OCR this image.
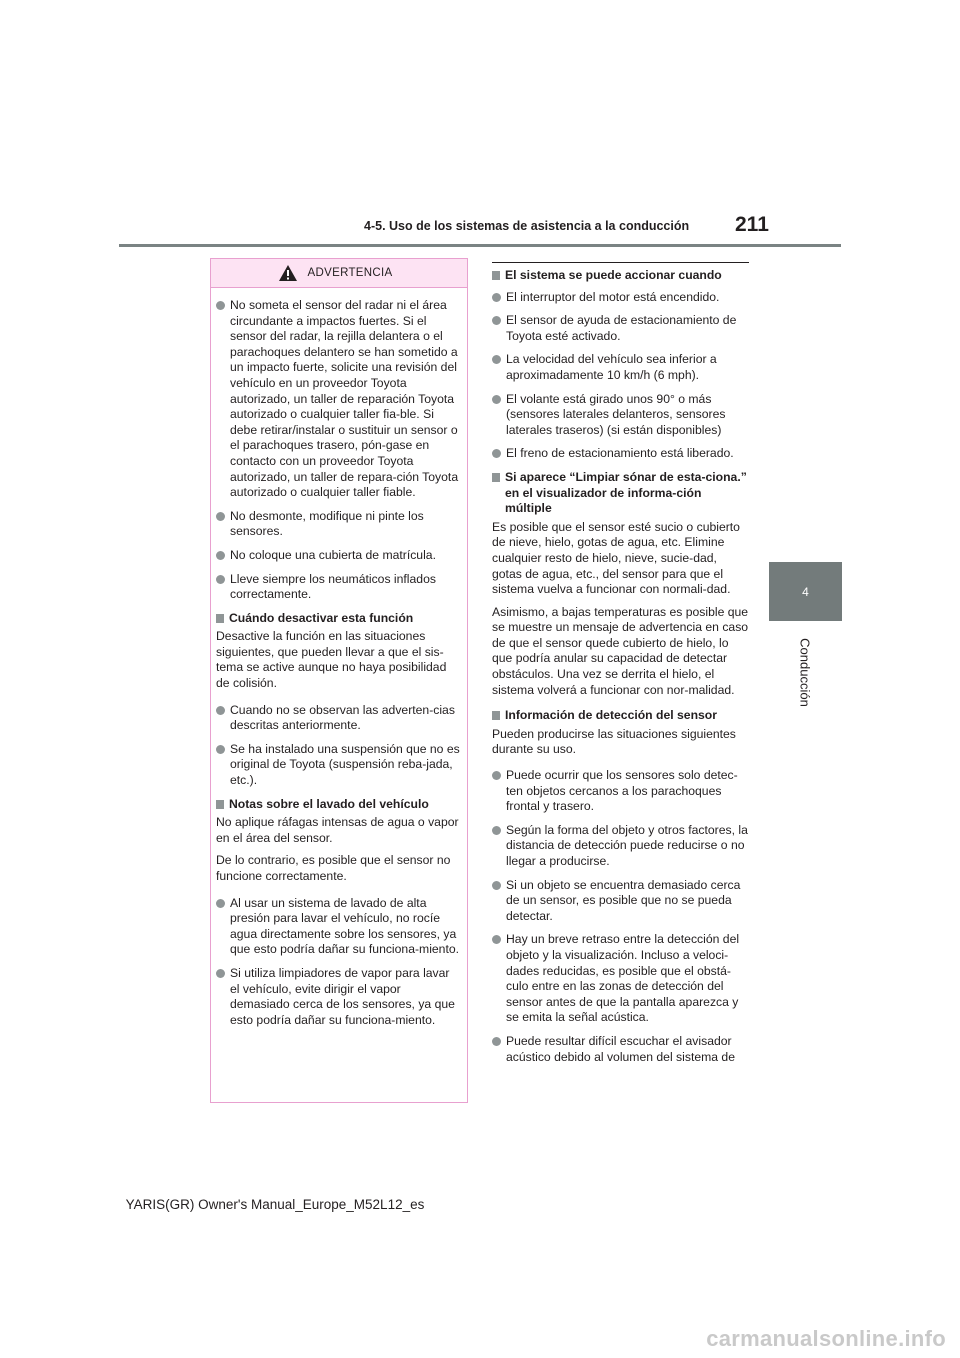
4-5. Uso de los sistemas de asistencia a la conducción 211
4
Conducción
ADVERTENCIA
No someta el sensor del radar ni el área circundante a impactos fuertes. Si el sensor del radar, la rejilla delantera o el parachoques delantero se han sometido a un impacto fuerte, solicite una revisión del vehículo en un proveedor Toyota autorizado, un taller de reparación Toyota autorizado o cualquier taller fia-ble. Si debe retirar/instalar o sustituir un sensor o el parachoques trasero, pón-gase en contacto con un proveedor Toyota autorizado, un taller de repara-ción Toyota autorizado o cualquier taller fiable.
No desmonte, modifique ni pinte los sensores.
No coloque una cubierta de matrícula.
Lleve siempre los neumáticos inflados correctamente.
Cuándo desactivar esta función

Desactive la función en las situaciones siguientes, que pueden llevar a que el sis-tema se active aunque no haya posibilidad de colisión.

Cuando no se observan las adverten-cias descritas anteriormente.
Se ha instalado una suspensión que no es original de Toyota (suspensión reba-jada, etc.).
Notas sobre el lavado del vehículo

No aplique ráfagas intensas de agua o vapor en el área del sensor.

De lo contrario, es posible que el sensor no funcione correctamente.

Al usar un sistema de lavado de alta presión para lavar el vehículo, no rocíe agua directamente sobre los sensores, ya que esto podría dañar su funciona-miento.
Si utiliza limpiadores de vapor para lavar el vehículo, evite dirigir el vapor demasiado cerca de los sensores, ya que esto podría dañar su funciona-miento.
El sistema se puede accionar cuando
El interruptor del motor está encendido.
El sensor de ayuda de estacionamiento de Toyota esté activado.
La velocidad del vehículo sea inferior a aproximadamente 10 km/h (6 mph).
El volante está girado unos 90° o más (sensores laterales delanteros, sensores laterales traseros) (si están disponibles)
El freno de estacionamiento está liberado.
Si aparece “Limpiar sónar de esta-ciona.” en el visualizador de informa-ción múltiple

Es posible que el sensor esté sucio o cubierto de nieve, hielo, gotas de agua, etc. Elimine cualquier resto de hielo, nieve, sucie-dad, gotas de agua, etc., del sensor para que el sistema vuelva a funcionar con normali-dad.

Asimismo, a bajas temperaturas es posible que se muestre un mensaje de advertencia en caso de que el sensor quede cubierto de hielo, lo que podría anular su capacidad de detectar obstáculos. Una vez se derrita el hielo, el sistema volverá a funcionar con nor-malidad.

Información de detección del sensor

Pueden producirse las situaciones siguientes durante su uso.

Puede ocurrir que los sensores solo detec-ten objetos cercanos a los parachoques frontal y trasero.
Según la forma del objeto y otros factores, la distancia de detección puede reducirse o no llegar a producirse.
Si un objeto se encuentra demasiado cerca de un sensor, es posible que no se pueda detectar.
Hay un breve retraso entre la detección del objeto y la visualización. Incluso a veloci-dades reducidas, es posible que el obstá-culo entre en las zonas de detección del sensor antes de que la pantalla aparezca y se emita la señal acústica.
Puede resultar difícil escuchar el avisador acústico debido al volumen del sistema de
YARIS(GR) Owner's Manual_Europe_M52L12_es
carmanualsonline.info
